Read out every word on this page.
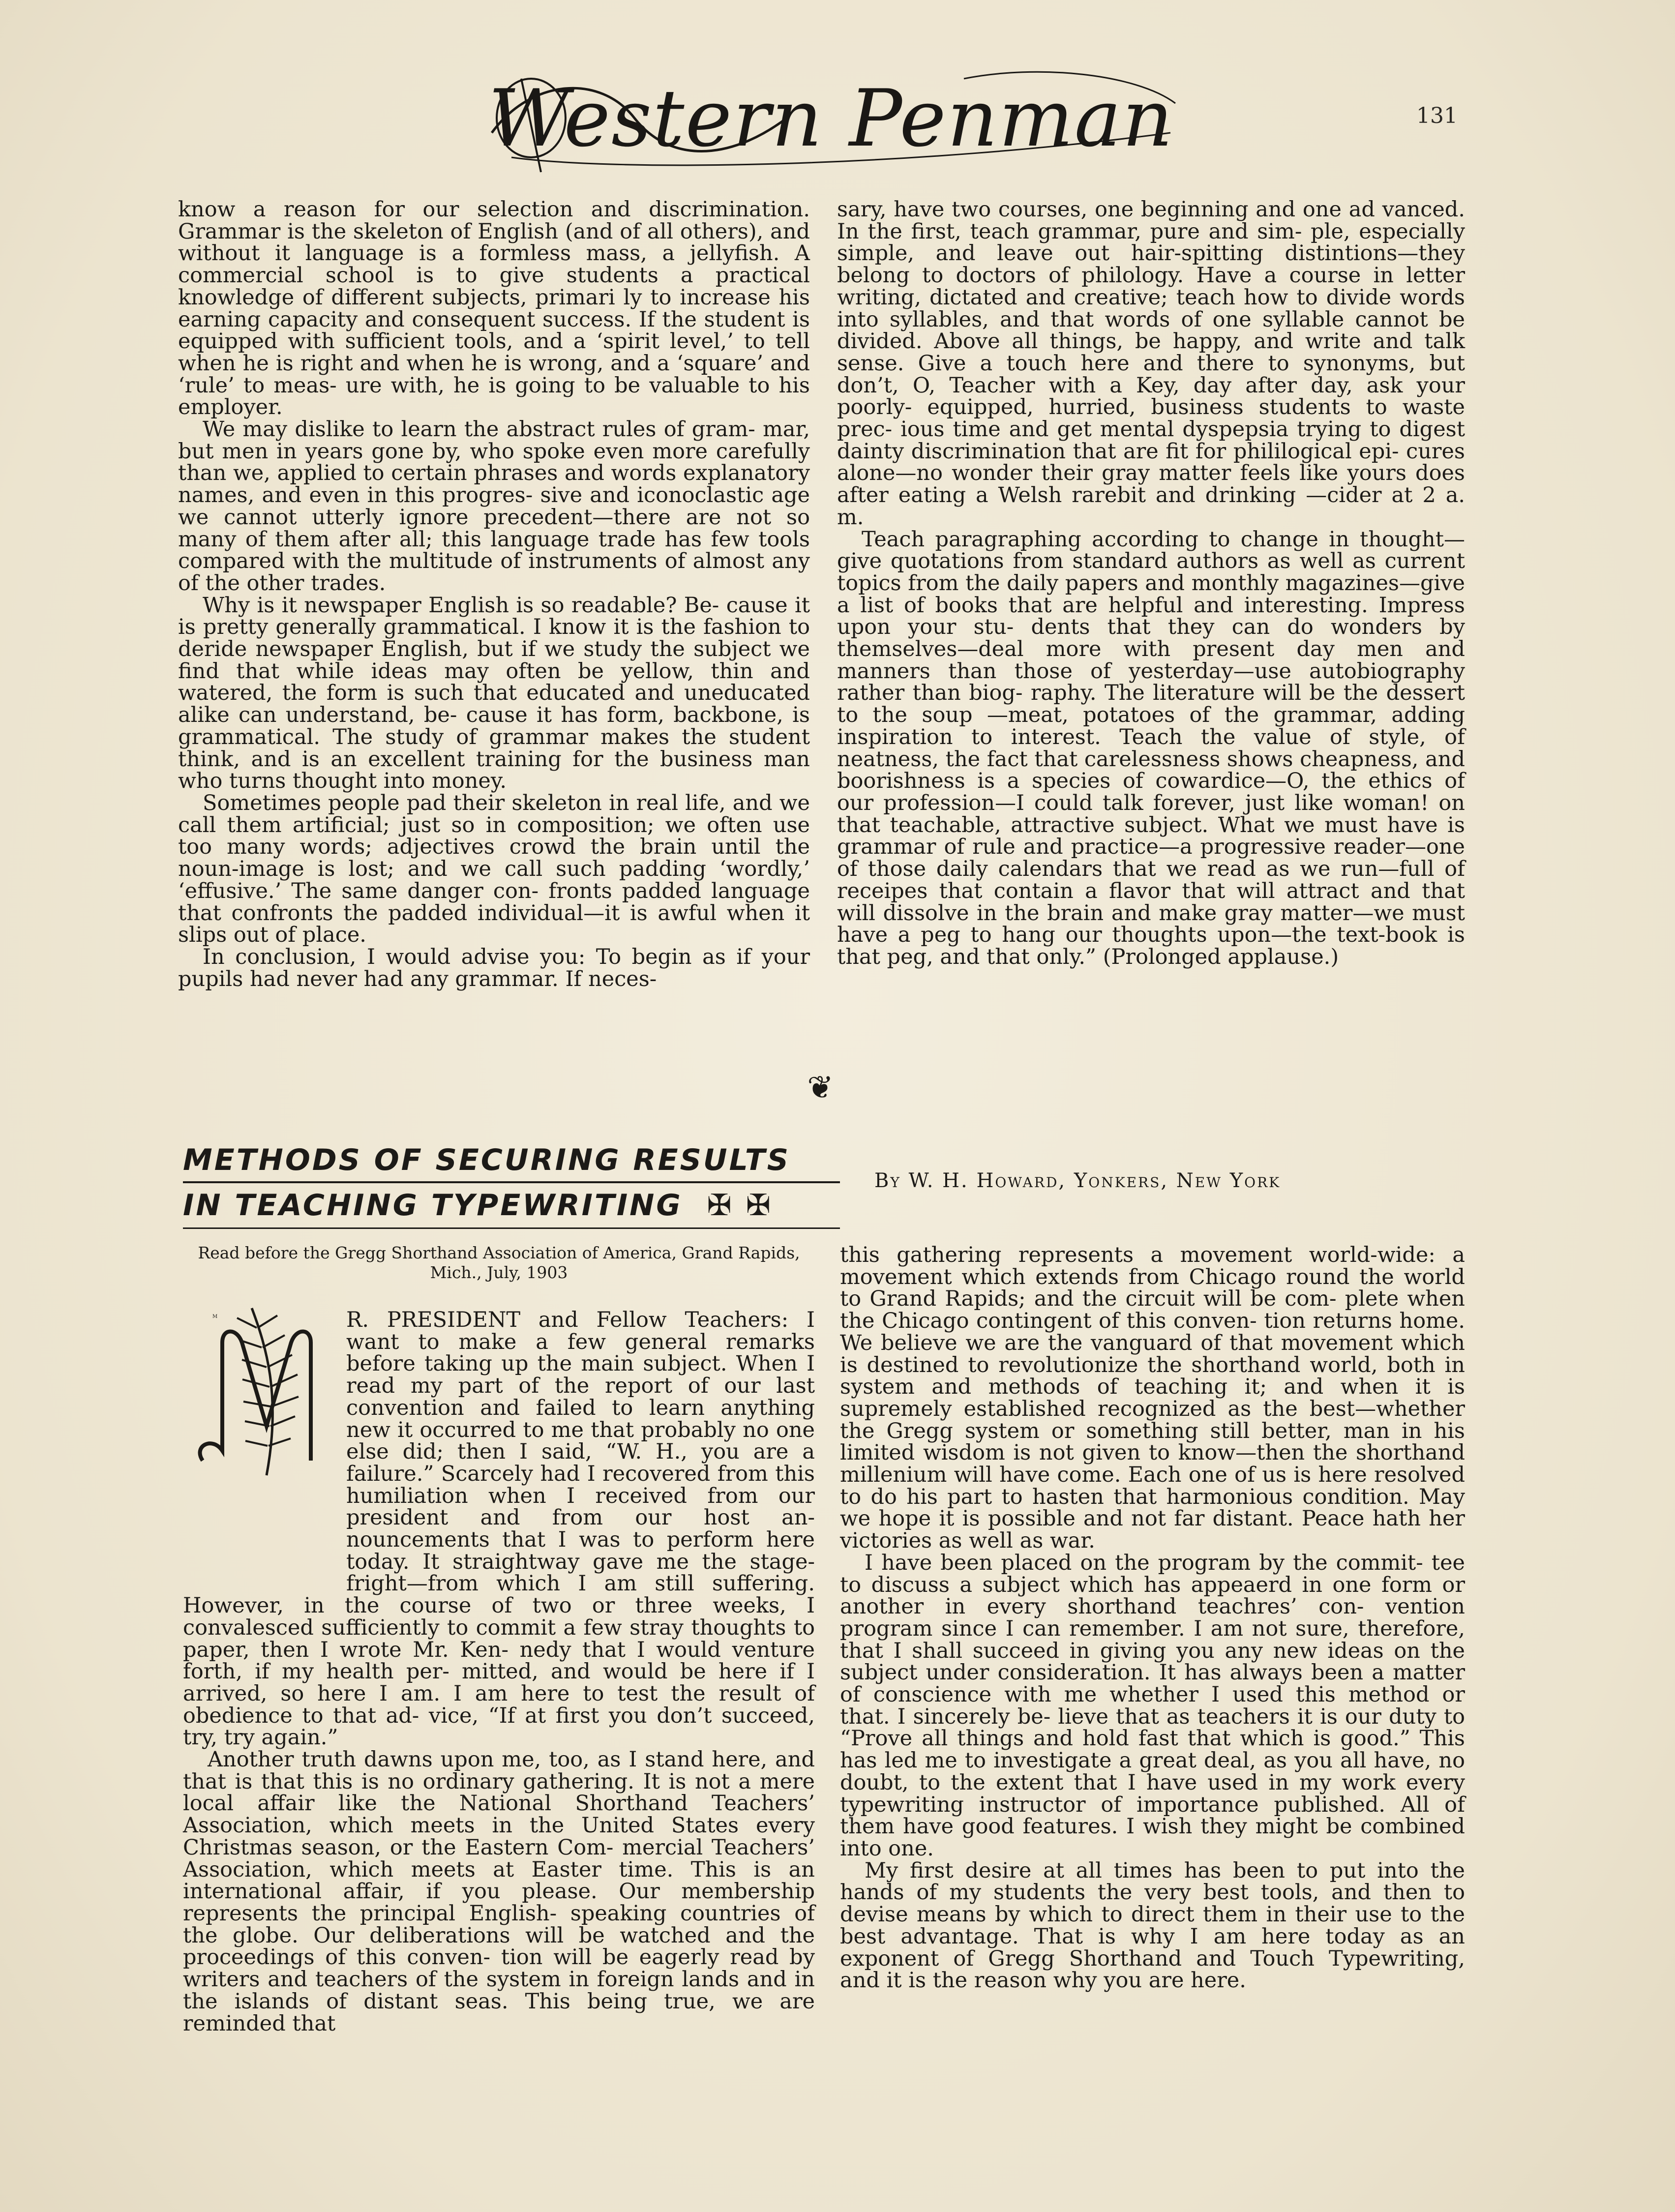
Western Penman	131

know a reason for our selection and discrimination. Grammar is the skeleton of English (and of all others), and without it language is a formless mass, a jellyfish. A commercial school is to give students a practical knowledge of different subjects, primari ly to increase his earning capacity and consequent success. If the student is equipped with sufficient tools, and a ‘spirit level,’ to tell when he is right and when he is wrong, and a ‘square’ and ‘rule’ to meas- ure with, he is going to be valuable to his employer.

We may dislike to learn the abstract rules of gram- mar, but men in years gone by, who spoke even more carefully than we, applied to certain phrases and words explanatory names, and even in this progres- sive and iconoclastic age we cannot utterly ignore precedent—there are not so many of them after all; this language trade has few tools compared with the multitude of instruments of almost any of the other trades.

Why is it newspaper English is so readable? Be- cause it is pretty generally grammatical. I know it is the fashion to deride newspaper English, but if we study the subject we find that while ideas may often be yellow, thin and watered, the form is such that educated and uneducated alike can understand, be- cause it has form, backbone, is grammatical. The study of grammar makes the student think, and is an excellent training for the business man who turns thought into money.

Sometimes people pad their skeleton in real life, and we call them artificial; just so in composition; we often use too many words; adjectives crowd the brain until the noun-image is lost; and we call such padding ‘wordly,’ ‘effusive.’ The same danger con- fronts padded language that confronts the padded individual—it is awful when it slips out of place.

In conclusion, I would advise you: To begin as if your pupils had never had any grammar. If neces-

sary, have two courses, one beginning and one ad vanced. In the first, teach grammar, pure and sim- ple, especially simple, and leave out hair-spitting distintions—they belong to doctors of philology. Have a course in letter writing, dictated and creative; teach how to divide words into syllables, and that words of one syllable cannot be divided. Above all things, be happy, and write and talk sense. Give a touch here and there to synonyms, but don’t, O, Teacher with a Key, day after day, ask your poorly- equipped, hurried, business students to waste prec- ious time and get mental dyspepsia trying to digest dainty discrimination that are fit for phililogical epi- cures alone—no wonder their gray matter feels like yours does after eating a Welsh rarebit and drinking —cider at 2 a. m.

Teach paragraphing according to change in thought—give quotations from standard authors as well as current topics from the daily papers and monthly magazines—give a list of books that are helpful and interesting. Impress upon your stu- dents that they can do wonders by themselves—deal more with present day men and manners than those of yesterday—use autobiography rather than biog- raphy. The literature will be the dessert to the soup —meat, potatoes of the grammar, adding inspiration to interest. Teach the value of style, of neatness, the fact that carelessness shows cheapness, and boorishness is a species of cowardice—O, the ethics of our profession—I could talk forever, just like woman! on that teachable, attractive subject. What we must have is grammar of rule and practice—a progressive reader—one of those daily calendars that we read as we run—full of receipes that contain a flavor that will attract and that will dissolve in the brain and make gray matter—we must have a peg to hang our thoughts upon—the text-book is that peg, and that only.” (Prolonged applause.)

❦
METHODS OF SECURING RESULTS
IN TEACHING TYPEWRITING ✠ ✠
By W. H. Howard, Yonkers, New York
Read before the Gregg Shorthand Association of America, Grand Rapids, Mich., July, 1903
M	R. PRESIDENT and Fellow Teachers: I want to make a few general remarks before taking up the main subject. When I read my part of the report of our last convention and failed to learn anything new it occurred to me that probably no one else did; then I said, “W. H., you are a failure.” Scarcely had I recovered from this humiliation when I received from our president and from our host an- nouncements that I was to perform here today. It straightway gave me the stage-fright—from which I am still suffering. However, in the course of two or three weeks, I convalesced sufficiently to commit a few stray thoughts to paper, then I wrote Mr. Ken- nedy that I would venture forth, if my health per- mitted, and would be here if I arrived, so here I am. I am here to test the result of obedience to that ad- vice, “If at first you don’t succeed, try, try again.”

Another truth dawns upon me, too, as I stand here, and that is that this is no ordinary gathering. It is not a mere local affair like the National Shorthand Teachers’ Association, which meets in the United States every Christmas season, or the Eastern Com- mercial Teachers’ Association, which meets at Easter time. This is an international affair, if you please. Our membership represents the principal English- speaking countries of the globe. Our deliberations will be watched and the proceedings of this conven- tion will be eagerly read by writers and teachers of the system in foreign lands and in the islands of distant seas. This being true, we are reminded that

this gathering represents a movement world-wide: a movement which extends from Chicago round the world to Grand Rapids; and the circuit will be com- plete when the Chicago contingent of this conven- tion returns home. We believe we are the vanguard of that movement which is destined to revolutionize the shorthand world, both in system and methods of teaching it; and when it is supremely established recognized as the best—whether the Gregg system or something still better, man in his limited wisdom is not given to know—then the shorthand millenium will have come. Each one of us is here resolved to do his part to hasten that harmonious condition. May we hope it is possible and not far distant. Peace hath her victories as well as war.

I have been placed on the program by the commit- tee to discuss a subject which has appeaerd in one form or another in every shorthand teachres’ con- vention program since I can remember. I am not sure, therefore, that I shall succeed in giving you any new ideas on the subject under consideration. It has always been a matter of conscience with me whether I used this method or that. I sincerely be- lieve that as teachers it is our duty to “Prove all things and hold fast that which is good.” This has led me to investigate a great deal, as you all have, no doubt, to the extent that I have used in my work every typewriting instructor of importance published. All of them have good features. I wish they might be combined into one.

My first desire at all times has been to put into the hands of my students the very best tools, and then to devise means by which to direct them in their use to the best advantage. That is why I am here today as an exponent of Gregg Shorthand and Touch Typewriting, and it is the reason why you are here.
